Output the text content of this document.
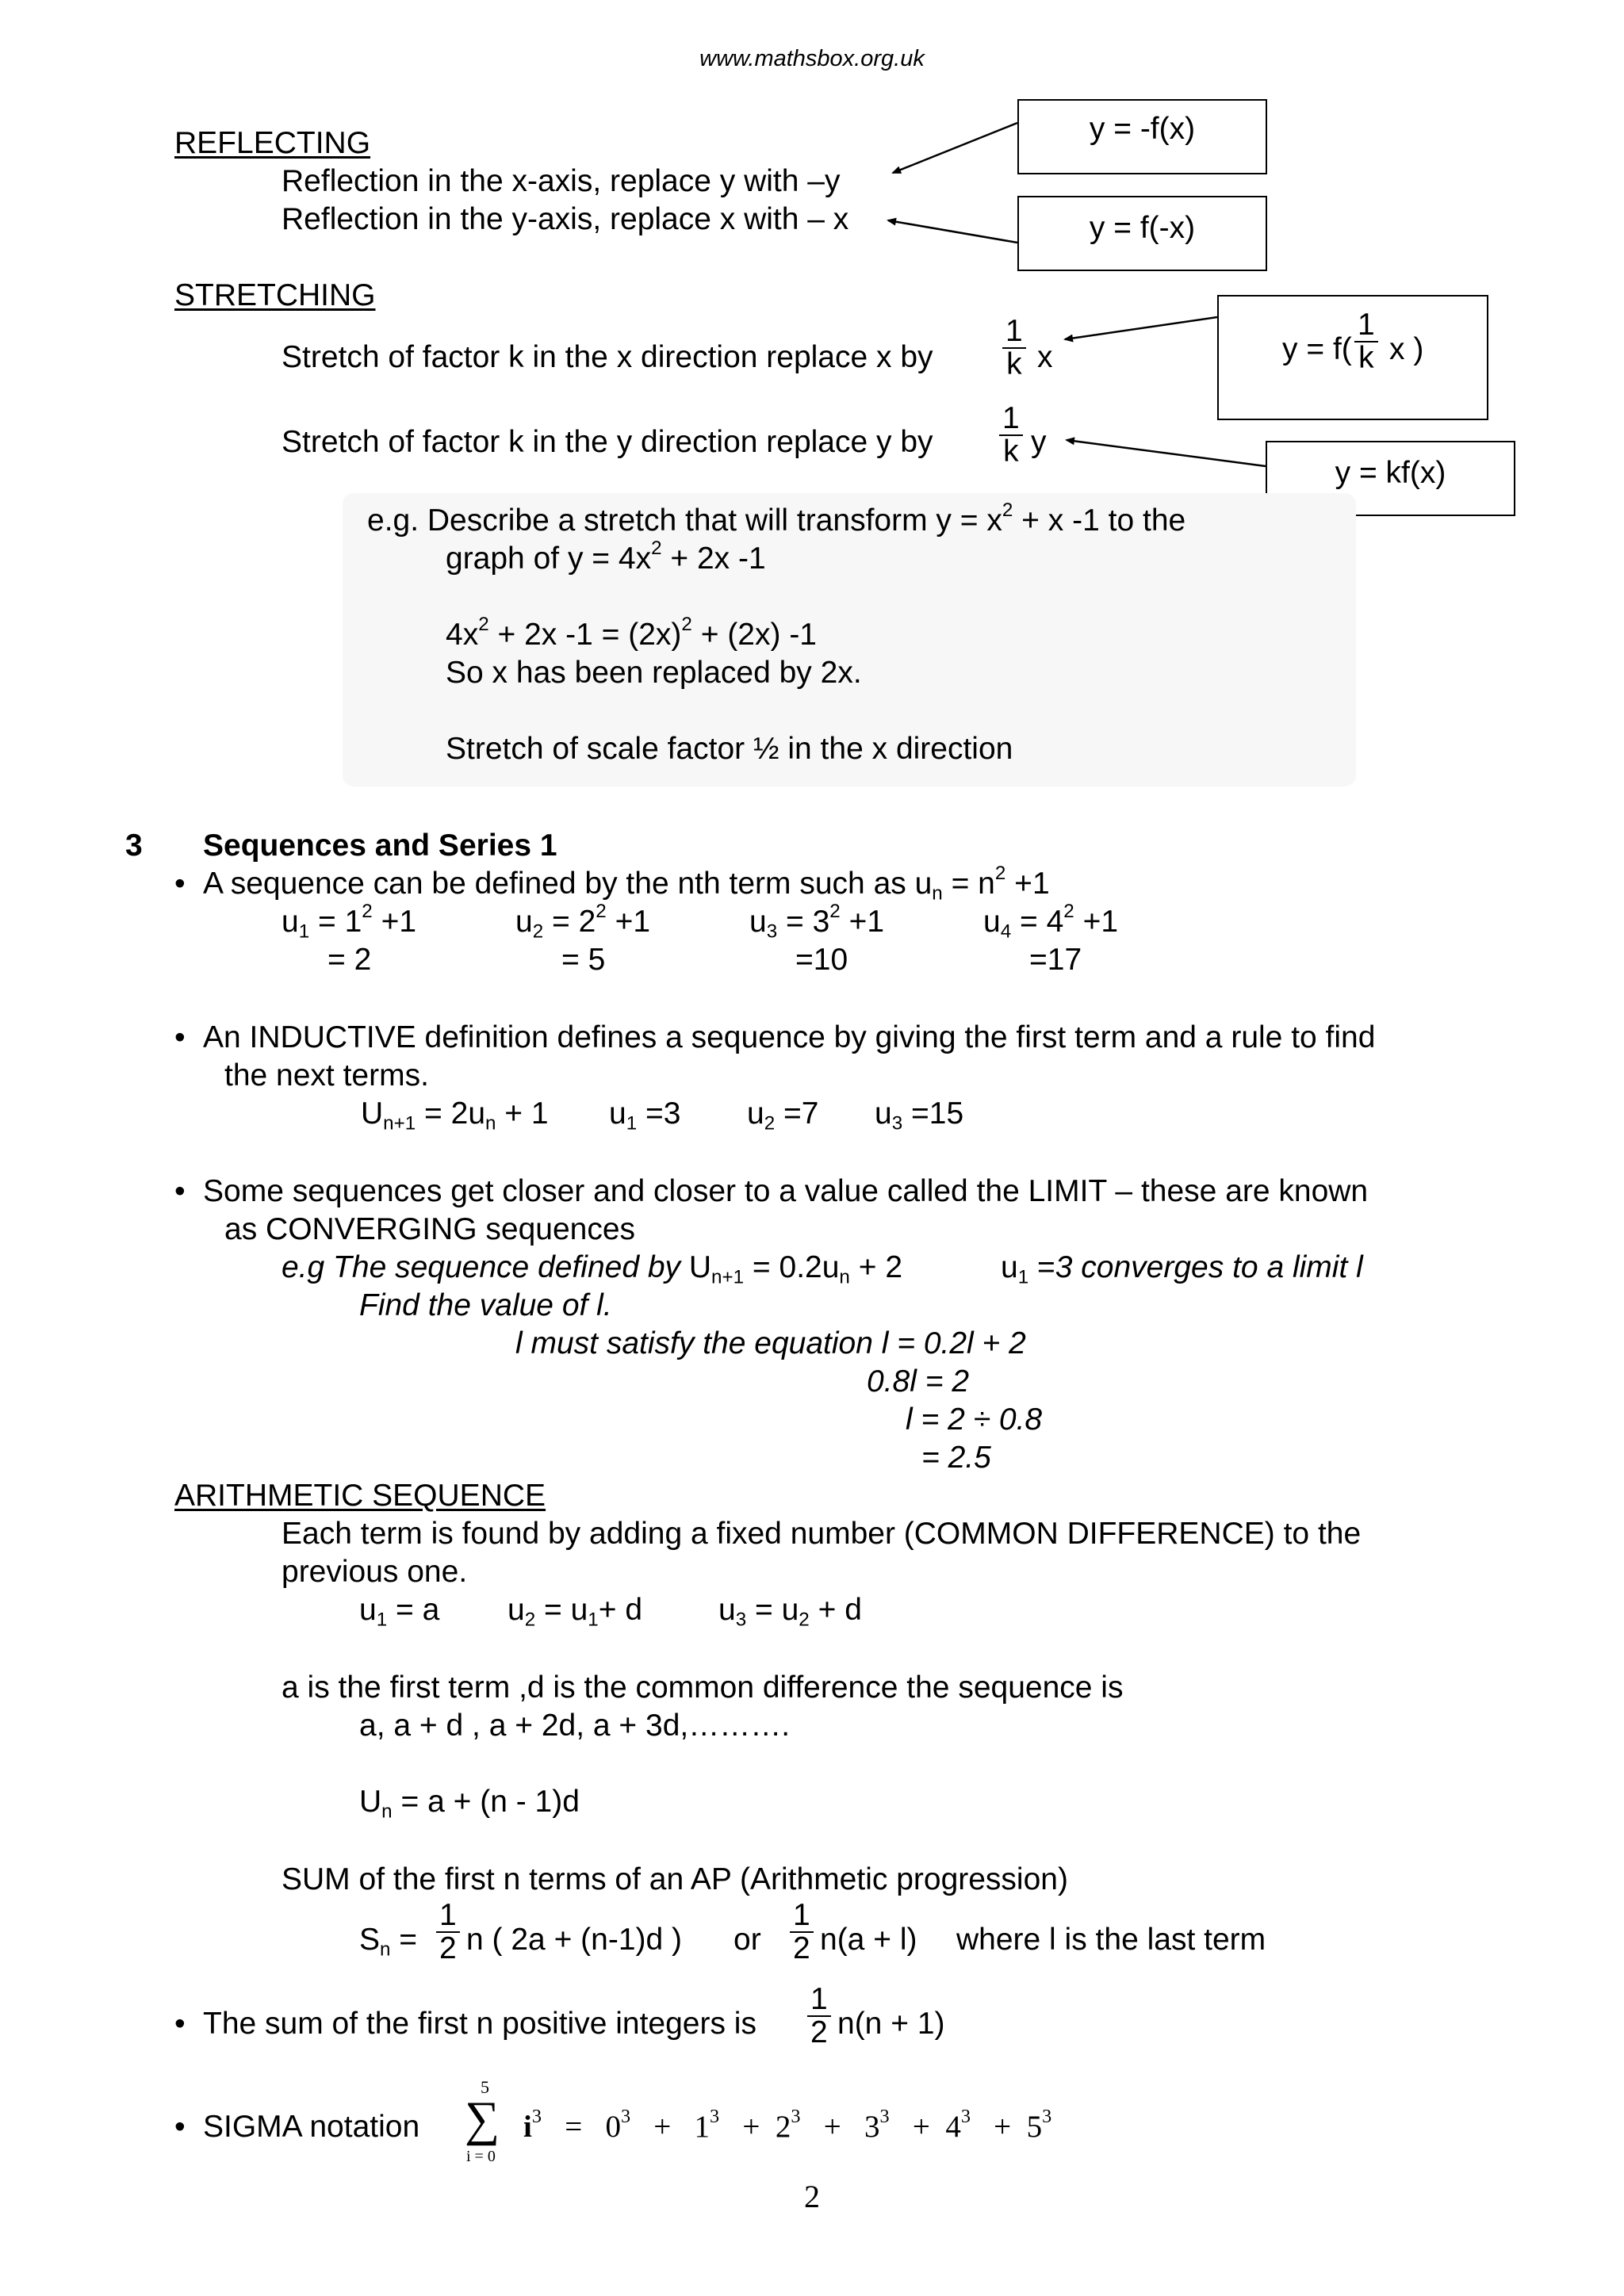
www.mathsbox.org.uk
REFLECTING
Reflection in the x-axis, replace y with –y
Reflection in the y-axis, replace x with – x
y = -f(x)
y = f(-x)
STRETCHING
Stretch of factor k in the x direction replace x by $\frac{1}{k}$ x
Stretch of factor k in the y direction replace y by $\frac{1}{k}$ y
$y = f( \frac{1}{k}$ x )
y = kf(x)
e.g. Describe a stretch that will transform $y = x^2 + x$ -1 to the
graph of $y = 4x^2 + 2x$ -1
$4x^2 + 2x$ $-1 = (2x)^2 + (2x)$ -1
So x has been replaced by 2x.
Stretch of scale factor ½ in the x direction
3 Sequences and Series 1
• A sequence can be defined by the nth term such as $u_n = n^2 +1$
$u_1 = 1^2 +1$	$u_2 = 2^2 +1$	$u_3 = 3^2 +1$	$u_4 = 4^2 +1$
= 2	= 5	=10	=17
• An INDUCTIVE definition defines a sequence by giving the first term and a rule to find
the next terms.
$U_{n+1} = 2u_n + 1$ $u_1 =3$ $u_2 =7$ $u_3 =15$
• Some sequences get closer and closer to a value called the LIMIT – these are known
as CONVERGING sequences
e.g The sequence defined by $U_{n+1} = 0.2u_n + 2$	$u_1 =3$ converges to a limit l
Find the value of l.
l must satisfy the equation l = 0.2l + 2
0.8l = 2
l = 2 ÷ 0.8
= 2.5
ARITHMETIC SEQUENCE
Each term is found by adding a fixed number (COMMON DIFFERENCE) to the
previous one.
$u_1 = a$ $u_2 = u_1+ d$ $u_3 = u_2 + d$
a is the first term ,d is the common difference the sequence is
a, a + d , a + 2d, a + 3d,……….
$U_n = a + (n - 1)d$
SUM of the first n terms of an AP (Arithmetic progression)
$S_n = \frac{1}{2}$ n ( 2a + (n-1)d ) or $\frac{1}{2} n(a + l)$ where l is the last term
• The sum of the first n positive integers is $\frac{1}{2} n(n + 1)$
• SIGMA notation
5
∑
i = 0
$i^3 = 0^3 + 1^3 + 2^3 + 3^3 + 4^3 + 5^3$
2
